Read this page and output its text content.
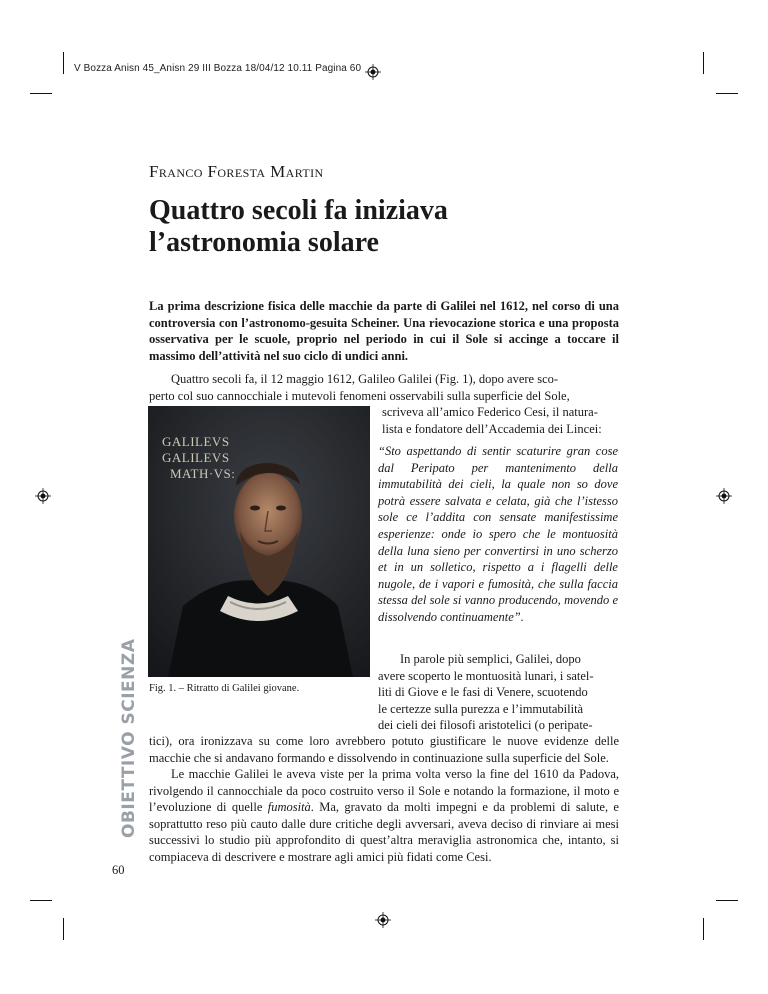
V Bozza Anisn 45_Anisn 29 III Bozza 18/04/12 10.11 Pagina 60
Franco Foresta Martin
Quattro secoli fa iniziava
l’astronomia solare

La prima descrizione fisica delle macchie da parte di Galilei nel 1612, nel corso di una controversia con l’astronomo-gesuita Scheiner. Una rievocazione storica e una proposta osservativa per le scuole, proprio nel periodo in cui il Sole si accinge a toccare il massimo dell’attività nel suo ciclo di undici anni.

Quattro secoli fa, il 12 maggio 1612, Galileo Galilei (Fig. 1), dopo avere sco-
perto col suo cannocchiale i mutevoli fenomeni osservabili sulla superficie del Sole,
scriveva all’amico Federico Cesi, il natura-
lista e fondatore dell’Accademia dei Lincei:
GALILEVS
GALILEVS
MATH·VS:

“Sto aspettando di sentir scaturire gran cose dal Peripato per mantenimento della immutabilità dei cieli, la quale non so dove potrà essere salvata e celata, già che l’istesso sole ce l’addita con sensate manifestissime esperienze: onde io spero che le montuosità della luna sieno per convertirsi in uno scherzo et in un solletico, rispetto a i flagelli delle nugole, de i vapori e fumosità, che sulla faccia stessa del sole si vanno producendo, movendo e dissolvendo continuamente”.

In parole più semplici, Galilei, dopo
avere scoperto le montuosità lunari, i satel-
liti di Giove e le fasi di Venere, scuotendo
le certezze sulla purezza e l’immutabilità
dei cieli dei filosofi aristotelici (o peripate-
Fig. 1. – Ritratto di Galilei giovane.

tici), ora ironizzava su come loro avrebbero potuto giustificare le nuove evidenze delle macchie che si andavano formando e dissolvendo in continuazione sulla superficie del Sole.

Le macchie Galilei le aveva viste per la prima volta verso la fine del 1610 da Padova, rivolgendo il cannocchiale da poco costruito verso il Sole e notando la formazione, il moto e l’evoluzione di quelle fumosità. Ma, gravato da molti impegni e da problemi di salute, e soprattutto reso più cauto dalle dure critiche degli avversari, aveva deciso di rinviare ai mesi successivi lo studio più approfondito di quest’altra meraviglia astronomica che, intanto, si compiaceva di descrivere e mostrare agli amici più fidati come Cesi.

OBIETTIVO SCIENZA
60
